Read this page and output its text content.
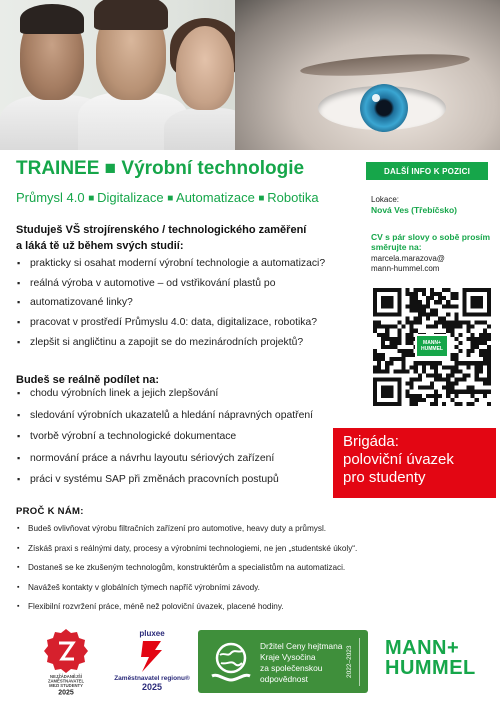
TRAINEE ■ Výrobní technologie
Průmysl 4.0 ■ Digitalizace ■ Automatizace ■ Robotika
DALŠÍ INFO K POZICI
Lokace:
Nová Ves (Třebíčsko)
CV s pár slovy o sobě prosím směrujte na:
marcela.marazova@
mann-hummel.com
MANN+
HUMMEL
Studuješ VŠ strojírenského / technologického zaměření
a láká tě už během svých studií:
▪ prakticky si osahat moderní výrobní technologie a automatizaci?
▪ reálná výroba v automotive – od vstřikování plastů po
▪ automatizované linky?
▪ pracovat v prostředí Průmyslu 4.0: data, digitalizace, robotika?
▪ zlepšit si angličtinu a zapojit se do mezinárodních projektů?
Budeš se reálně podílet na:
▪ chodu výrobních linek a jejich zlepšování
▪ sledování výrobních ukazatelů a hledání nápravných opatření
▪ tvorbě výrobní a technologické dokumentace
▪ normování práce a návrhu layoutu sériových zařízení
▪ práci v systému SAP při změnách pracovních postupů
Brigáda:
poloviční úvazek
pro studenty
PROČ K NÁM:
▪ Budeš ovlivňovat výrobu filtračních zařízení pro automotive, heavy duty a průmysl.
▪ Získáš praxi s reálnými daty, procesy a výrobními technologiemi, ne jen „studentské úkoly“.
▪ Dostaneš se ke zkušeným technologům, konstruktérům a specialistům na automatizaci.
▪ Navážeš kontakty v globálních týmech napříč výrobními závody.
▪ Flexibilní rozvržení práce, méně než poloviční úvazek, placené hodiny.
NEJŽÁDANĚJŠÍ
ZAMĚSTNAVATEL
MEZI STUDENTY
2025
pluxee
Zaměstnavatel regionu®
2025
Držitel Ceny hejtmana
Kraje Vysočina
za společenskou
odpovědnost
2022–2023	MANN+
HUMMEL
